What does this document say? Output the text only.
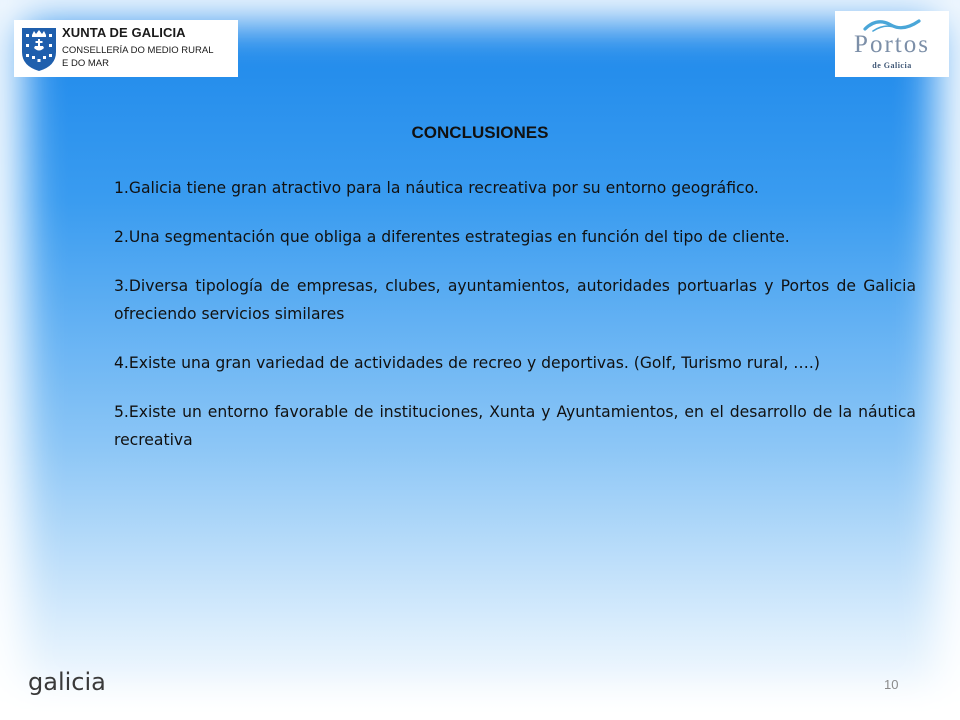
XUNTA DE GALICIA
CONSELLERÍA DO MEDIO RURAL
E DO MAR
Portos
de Galicia
CONCLUSIONES

1.Galicia tiene gran atractivo para la náutica recreativa por su entorno geográfico.

2.Una segmentación que obliga a diferentes estrategias en función del tipo de cliente.

3.Diversa tipología de empresas, clubes, ayuntamientos, autoridades portuarlas y Portos de Galicia ofreciendo servicios similares

4.Existe una gran variedad de actividades de recreo y deportivas. (Golf, Turismo rural, ….)

5.Existe un entorno favorable de instituciones, Xunta y Ayuntamientos, en el desarrollo de la náutica recreativa

galicia	10
